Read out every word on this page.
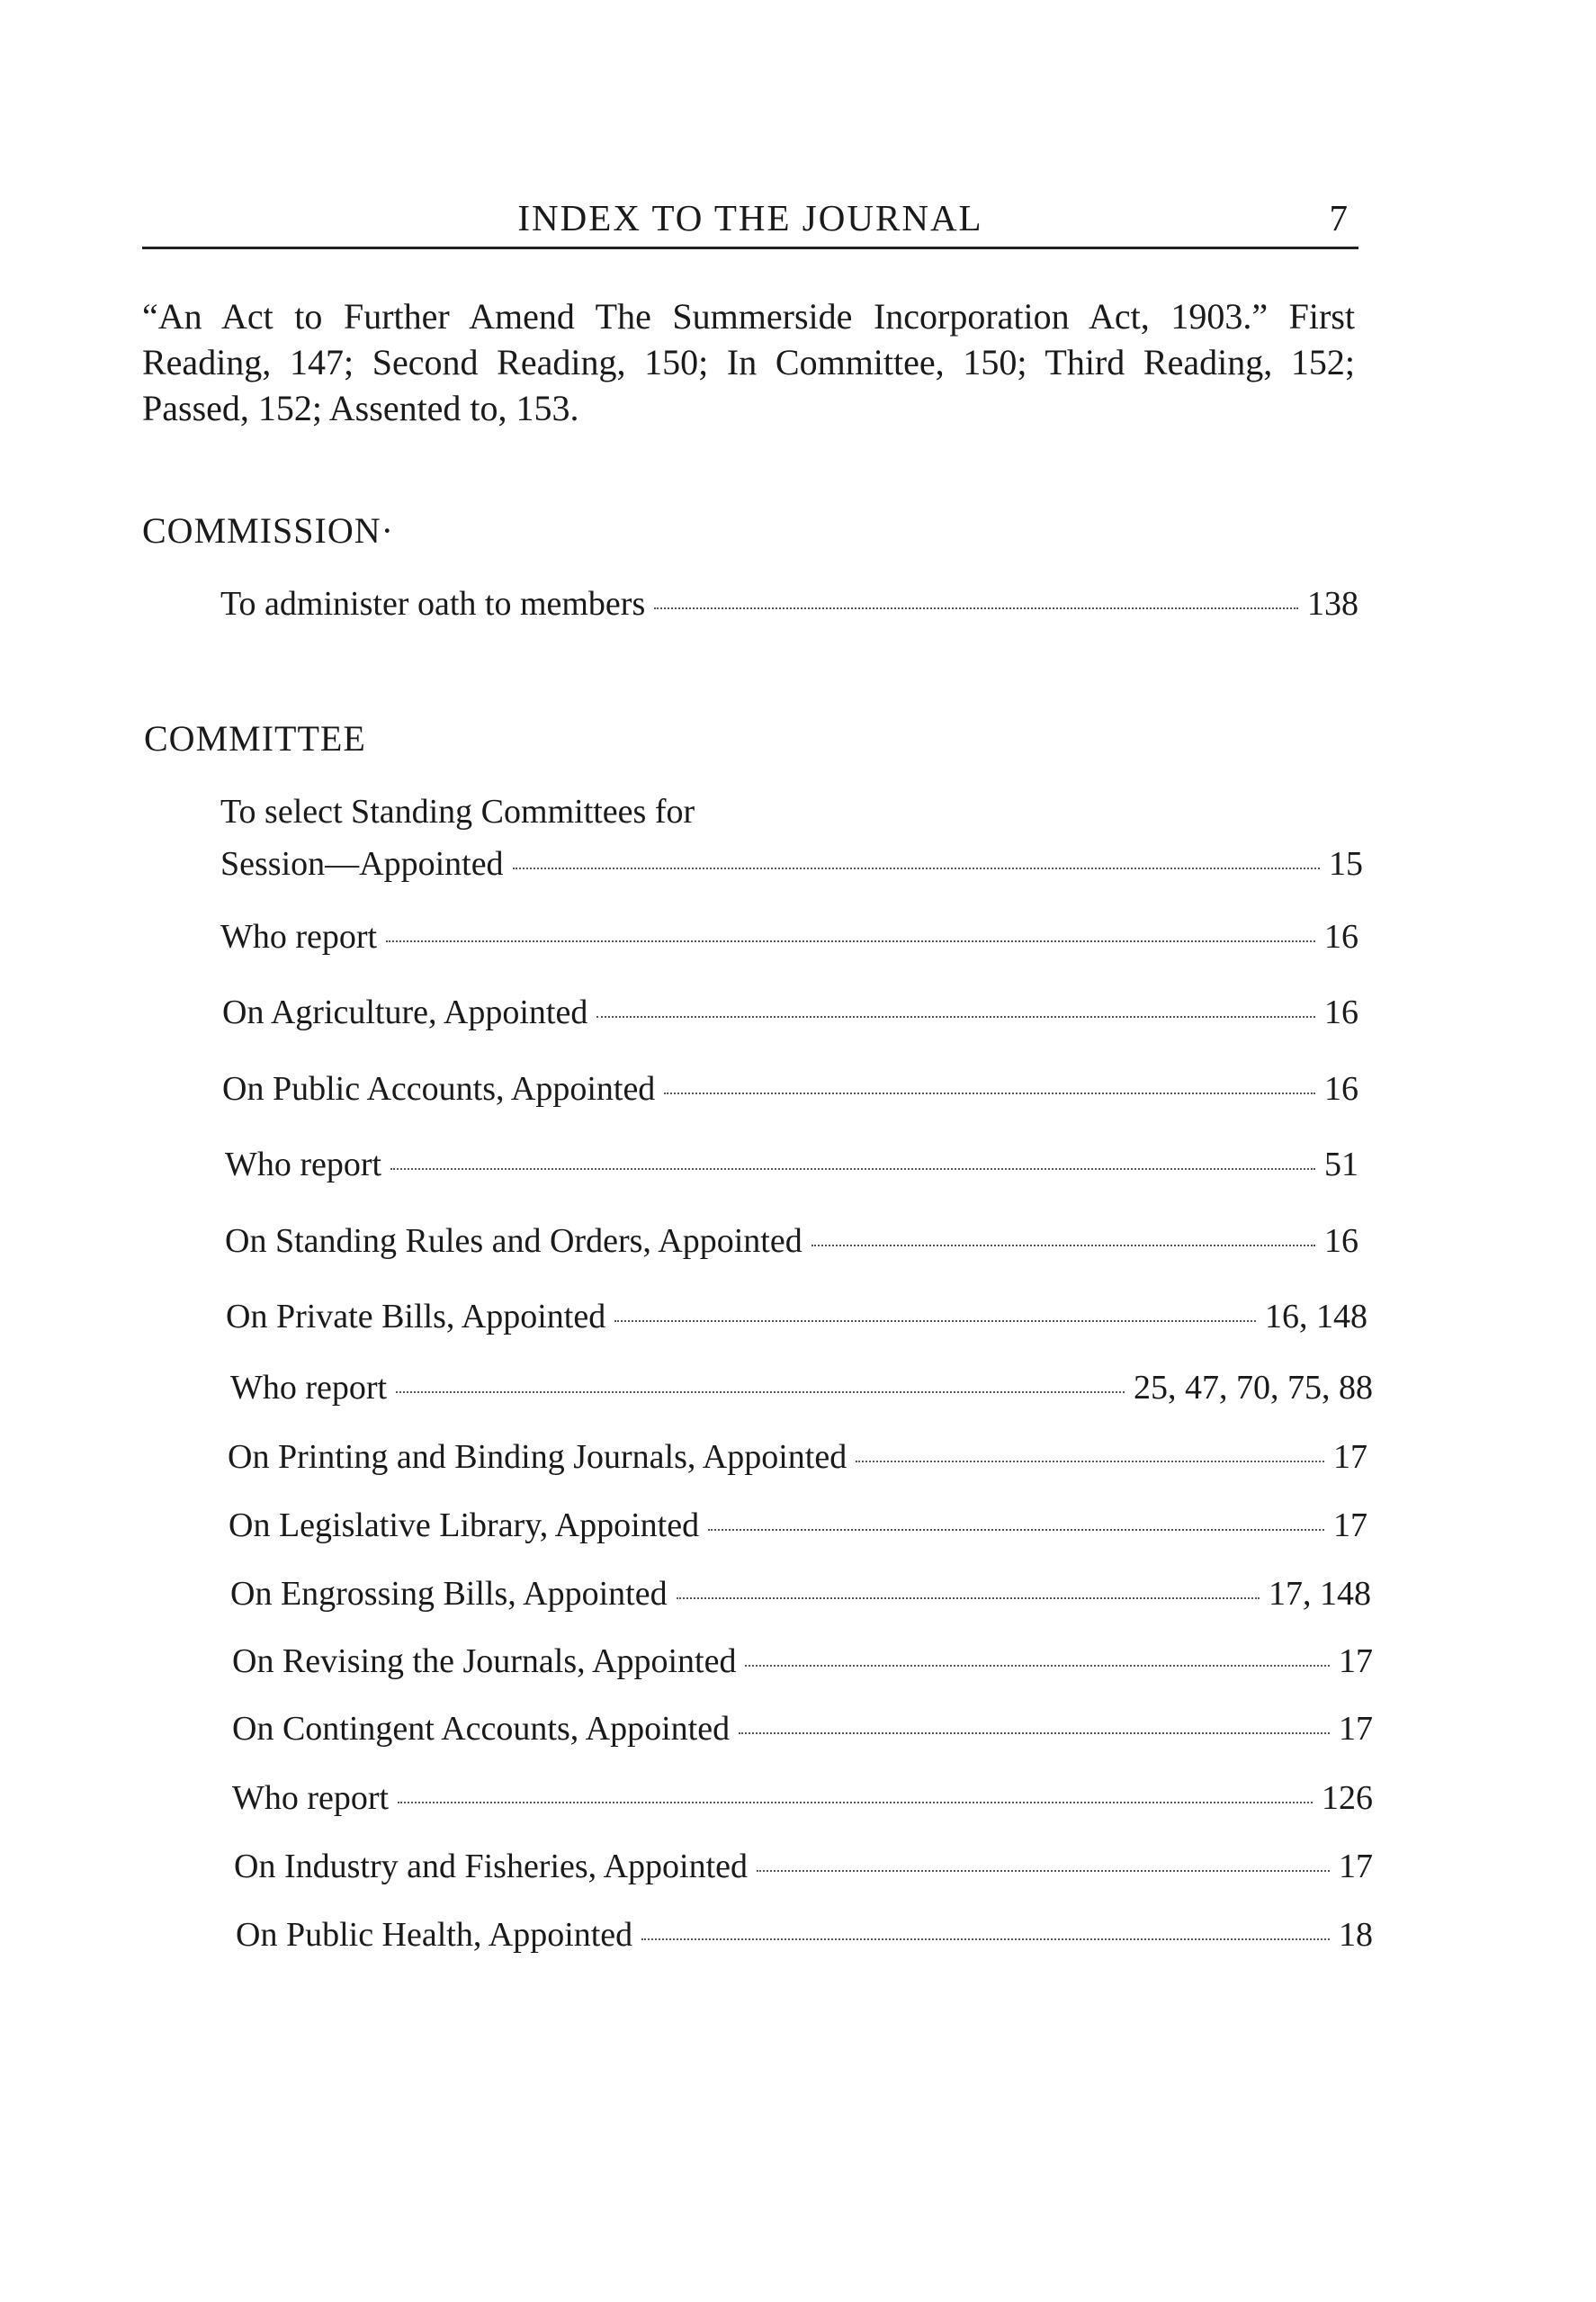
INDEX TO THE JOURNAL	7
“An Act to Further Amend The Summerside Incorporation Act, 1903.” First Reading, 147; Second Reading, 150; In Committee, 150; Third Reading, 152; Passed, 152; Assented to, 153.
COMMISSION·
To administer oath to members	138
COMMITTEE
To select Standing Committees for
Session—Appointed	15
Who report	16
On Agriculture, Appointed	16
On Public Accounts, Appointed	16
Who report	51
On Standing Rules and Orders, Appointed	16
On Private Bills, Appointed	16, 148
Who report	25, 47, 70, 75, 88
On Printing and Binding Journals, Appointed	17
On Legislative Library, Appointed	17
On Engrossing Bills, Appointed	17, 148
On Revising the Journals, Appointed	17
On Contingent Accounts, Appointed	17
Who report	126
On Industry and Fisheries, Appointed	17
On Public Health, Appointed	18
